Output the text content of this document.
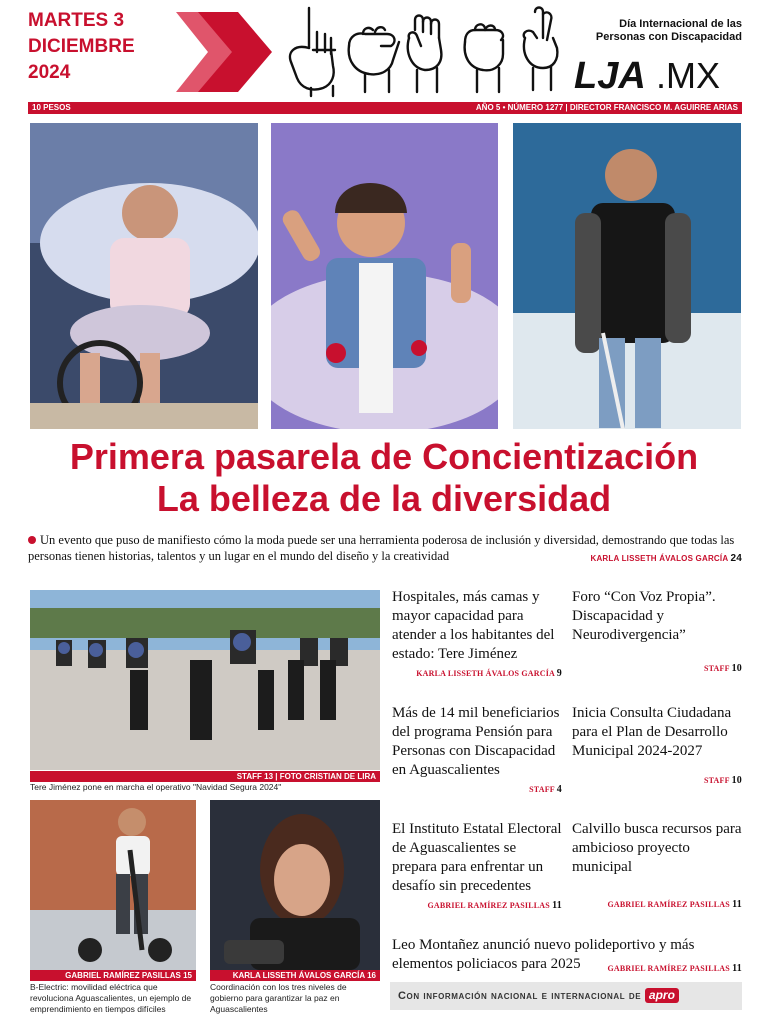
MARTES 3
DICIEMBRE
2024
Día Internacional de las
Personas con Discapacidad
LJA .MX
10 PESOS	AÑO 5 • NÚMERO 1277 | DIRECTOR FRANCISCO M. AGUIRRE ARIAS
Primera pasarela de Concientización
La belleza de la diversidad
Un evento que puso de manifiesto cómo la moda puede ser una herramienta poderosa de inclusión y diversidad, demostrando que todas las personas tienen historias, talentos y un lugar en el mundo del diseño y la creatividad	KARLA LISSETH ÁVALOS GARCÍA 24
STAFF 13 | FOTO CRISTIAN DE LIRA
Tere Jiménez pone en marcha el operativo "Navidad Segura 2024"
GABRIEL RAMÍREZ PASILLAS 15
B-Electric: movilidad eléctrica que revoluciona Aguascalientes, un ejemplo de emprendimiento en tiempos difíciles
KARLA LISSETH ÁVALOS GARCÍA 16
Coordinación con los tres niveles de gobierno para garantizar la paz en Aguascalientes
Hospitales, más camas y mayor capacidad para atender a los habitantes del estado: Tere Jiménez
KARLA LISSETH ÁVALOS GARCÍA 9
Foro “Con Voz Propia”. Discapacidad y Neurodivergencia”
STAFF 10
Más de 14 mil beneficiarios del programa Pensión para Personas con Discapacidad en Aguascalientes
STAFF 4
Inicia Consulta Ciudadana para el Plan de Desarrollo Municipal 2024-2027
STAFF 10
El Instituto Estatal Electoral de Aguascalientes se prepara para enfrentar un desafío sin precedentes
GABRIEL RAMÍREZ PASILLAS 11
Calvillo busca recursos para ambicioso proyecto municipal
GABRIEL RAMÍREZ PASILLAS 11
Leo Montañez anunció nuevo polideportivo y más elementos policiacos para 2025	GABRIEL RAMÍREZ PASILLAS 11
Con información nacional e internacional de apro
